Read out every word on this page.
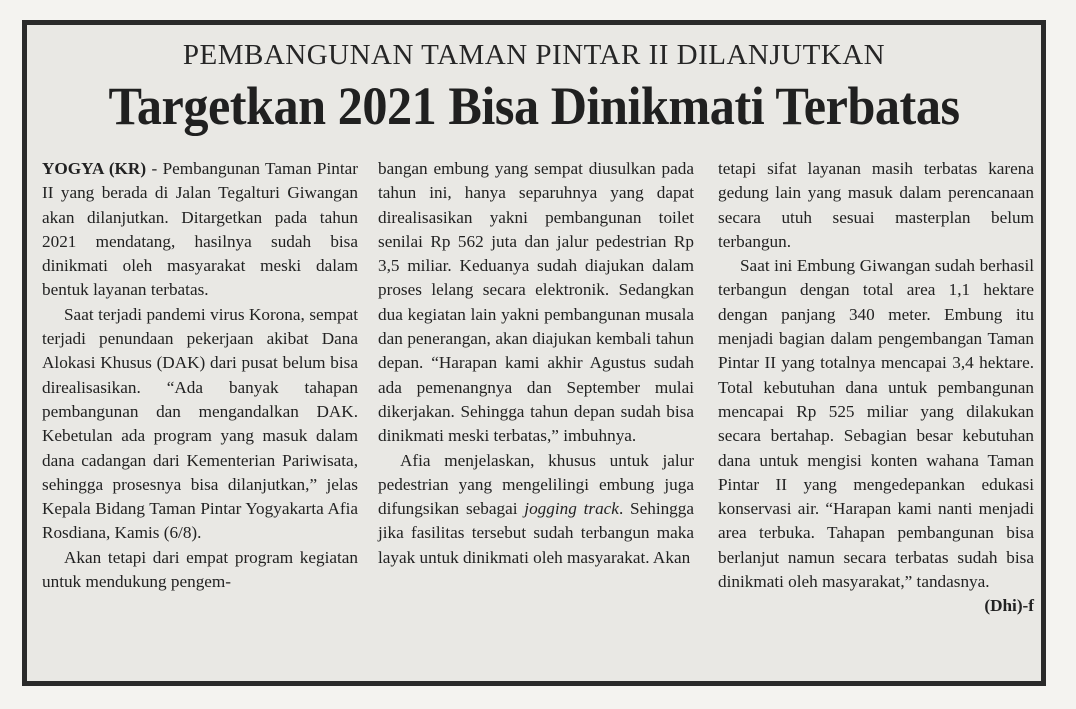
PEMBANGUNAN TAMAN PINTAR II DILANJUTKAN
Targetkan 2021 Bisa Dinikmati Terbatas

YOGYA (KR) - Pembangunan Taman Pintar II yang berada di Jalan Tegalturi Giwangan akan dilanjutkan. Ditargetkan pada tahun 2021 mendatang, hasilnya sudah bisa dinikmati oleh masyarakat meski dalam bentuk layanan terbatas.

Saat terjadi pandemi virus Korona, sempat terjadi penundaan pekerjaan akibat Dana Alokasi Khusus (DAK) dari pusat belum bisa direalisasikan. “Ada banyak tahapan pembangunan dan mengandalkan DAK. Kebetulan ada program yang masuk dalam dana cadangan dari Kementerian Pariwisata, sehingga prosesnya bisa dilanjutkan,” jelas Kepala Bidang Taman Pintar Yogyakarta Afia Rosdiana, Kamis (6/8).

Akan tetapi dari empat program kegiatan untuk mendukung pengem-

bangan embung yang sempat diusulkan pada tahun ini, hanya separuhnya yang dapat direalisasikan yakni pembangunan toilet senilai Rp 562 juta dan jalur pedestrian Rp 3,5 miliar. Keduanya sudah diajukan dalam proses lelang secara elektronik. Sedangkan dua kegiatan lain yakni pembangunan musala dan penerangan, akan diajukan kembali tahun depan. “Harapan kami akhir Agustus sudah ada pemenangnya dan September mulai dikerjakan. Sehingga tahun depan sudah bisa dinikmati meski terbatas,” imbuhnya.

Afia menjelaskan, khusus untuk jalur pedestrian yang mengelilingi embung juga difungsikan sebagai jogging track. Sehingga jika fasilitas tersebut sudah terbangun maka layak untuk dinikmati oleh masyarakat. Akan

tetapi sifat layanan masih terbatas karena gedung lain yang masuk dalam perencanaan secara utuh sesuai masterplan belum terbangun.

Saat ini Embung Giwangan sudah berhasil terbangun dengan total area 1,1 hektare dengan panjang 340 meter. Embung itu menjadi bagian dalam pengembangan Taman Pintar II yang totalnya mencapai 3,4 hektare. Total kebutuhan dana untuk pembangunan mencapai Rp 525 miliar yang dilakukan secara bertahap. Sebagian besar kebutuhan dana untuk mengisi konten wahana Taman Pintar II yang mengedepankan edukasi konservasi air. “Harapan kami nanti menjadi area terbuka. Tahapan pembangunan bisa berlanjut namun secara terbatas sudah bisa dinikmati oleh masyarakat,” tandasnya.
(Dhi)-f
